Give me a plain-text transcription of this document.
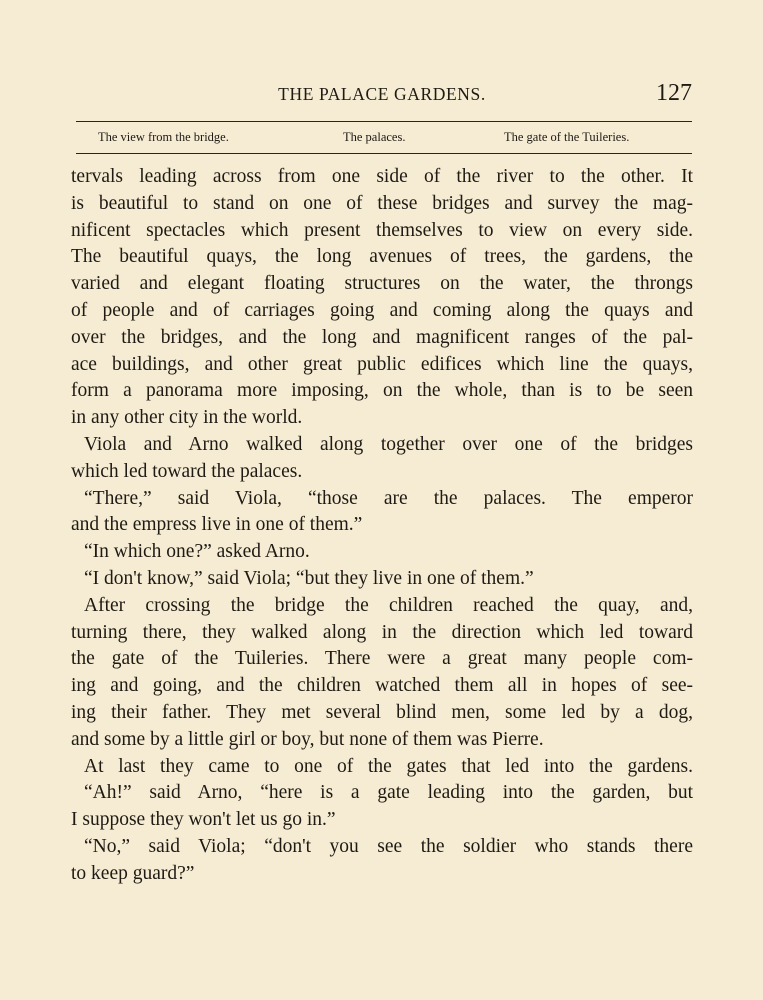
THE PALACE GARDENS.	127
The view from the bridge.	The palaces.	The gate of the Tuileries.
tervals leading across from one side of the river to the other. It
is beautiful to stand on one of these bridges and survey the mag-
nificent spectacles which present themselves to view on every side.
The beautiful quays, the long avenues of trees, the gardens, the
varied and elegant floating structures on the water, the throngs
of people and of carriages going and coming along the quays and
over the bridges, and the long and magnificent ranges of the pal-
ace buildings, and other great public edifices which line the quays,
form a panorama more imposing, on the whole, than is to be seen
in any other city in the world.
Viola and Arno walked along together over one of the bridges
which led toward the palaces.
“There,” said Viola, “those are the palaces. The emperor
and the empress live in one of them.”
“In which one?” asked Arno.
“I don't know,” said Viola; “but they live in one of them.”
After crossing the bridge the children reached the quay, and,
turning there, they walked along in the direction which led toward
the gate of the Tuileries. There were a great many people com-
ing and going, and the children watched them all in hopes of see-
ing their father. They met several blind men, some led by a dog,
and some by a little girl or boy, but none of them was Pierre.
At last they came to one of the gates that led into the gardens.
“Ah!” said Arno, “here is a gate leading into the garden, but
I suppose they won't let us go in.”
“No,” said Viola; “don't you see the soldier who stands there
to keep guard?”
